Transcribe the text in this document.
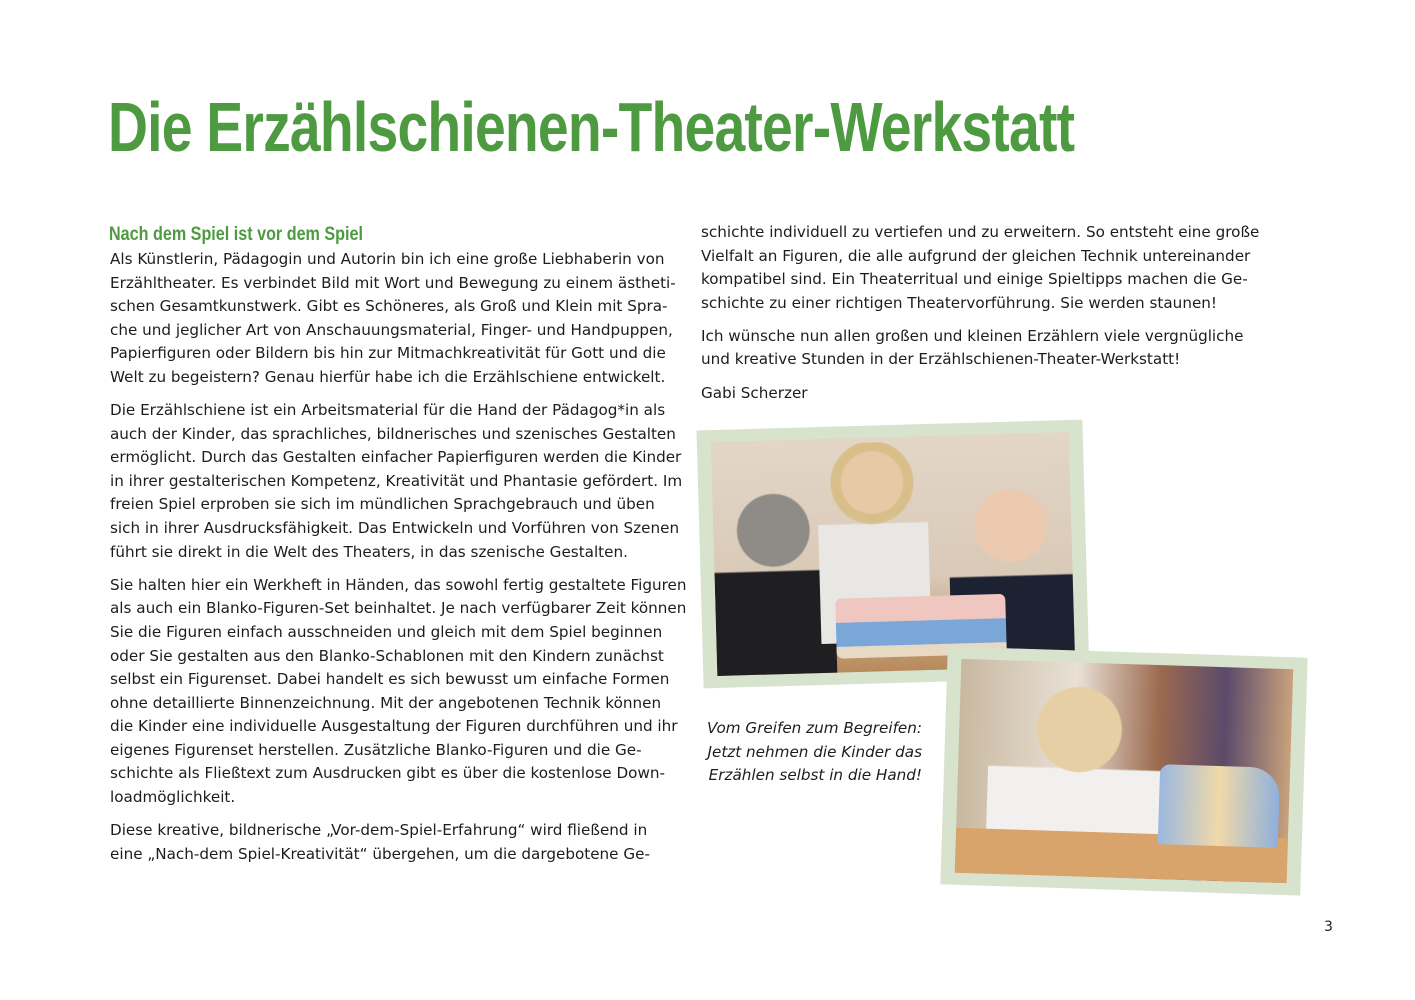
Die Erzählschienen-Theater-Werkstatt
Nach dem Spiel ist vor dem Spiel
Als Künstlerin, Pädagogin und Autorin bin ich eine große Liebhaberin von
Erzähltheater. Es verbindet Bild mit Wort und Bewegung zu einem ästheti-
schen Gesamtkunstwerk. Gibt es Schöneres, als Groß und Klein mit Spra-
che und jeglicher Art von Anschauungsmaterial, Finger- und Handpuppen,
Papierfiguren oder Bildern bis hin zur Mitmachkreativität für Gott und die
Welt zu begeistern? Genau hierfür habe ich die Erzählschiene entwickelt.
Die Erzählschiene ist ein Arbeitsmaterial für die Hand der Pädagog*in als
auch der Kinder, das sprachliches, bildnerisches und szenisches Gestalten
ermöglicht. Durch das Gestalten einfacher Papierfiguren werden die Kinder
in ihrer gestalterischen Kompetenz, Kreativität und Phantasie gefördert. Im
freien Spiel erproben sie sich im mündlichen Sprachgebrauch und üben
sich in ihrer Ausdrucksfähigkeit. Das Entwickeln und Vorführen von Szenen
führt sie direkt in die Welt des Theaters, in das szenische Gestalten.
Sie halten hier ein Werkheft in Händen, das sowohl fertig gestaltete Figuren
als auch ein Blanko-Figuren-Set beinhaltet. Je nach verfügbarer Zeit können
Sie die Figuren einfach ausschneiden und gleich mit dem Spiel beginnen
oder Sie gestalten aus den Blanko-Schablonen mit den Kindern zunächst
selbst ein Figurenset. Dabei handelt es sich bewusst um einfache Formen
ohne detaillierte Binnenzeichnung. Mit der angebotenen Technik können
die Kinder eine individuelle Ausgestaltung der Figuren durchführen und ihr
eigenes Figurenset herstellen. Zusätzliche Blanko-Figuren und die Ge-
schichte als Fließtext zum Ausdrucken gibt es über die kostenlose Down-
loadmöglichkeit.
Diese kreative, bildnerische „Vor-dem-Spiel-Erfahrung“ wird fließend in
eine „Nach-dem Spiel-Kreativität“ übergehen, um die dargebotene Ge-
schichte individuell zu vertiefen und zu erweitern. So entsteht eine große
Vielfalt an Figuren, die alle aufgrund der gleichen Technik untereinander
kompatibel sind. Ein Theaterritual und einige Spieltipps machen die Ge-
schichte zu einer richtigen Theatervorführung. Sie werden staunen!
Ich wünsche nun allen großen und kleinen Erzählern viele vergnügliche
und kreative Stunden in der Erzählschienen-Theater-Werkstatt!
Gabi Scherzer
Vom Greifen zum Begreifen:
Jetzt nehmen die Kinder das
Erzählen selbst in die Hand!
3
